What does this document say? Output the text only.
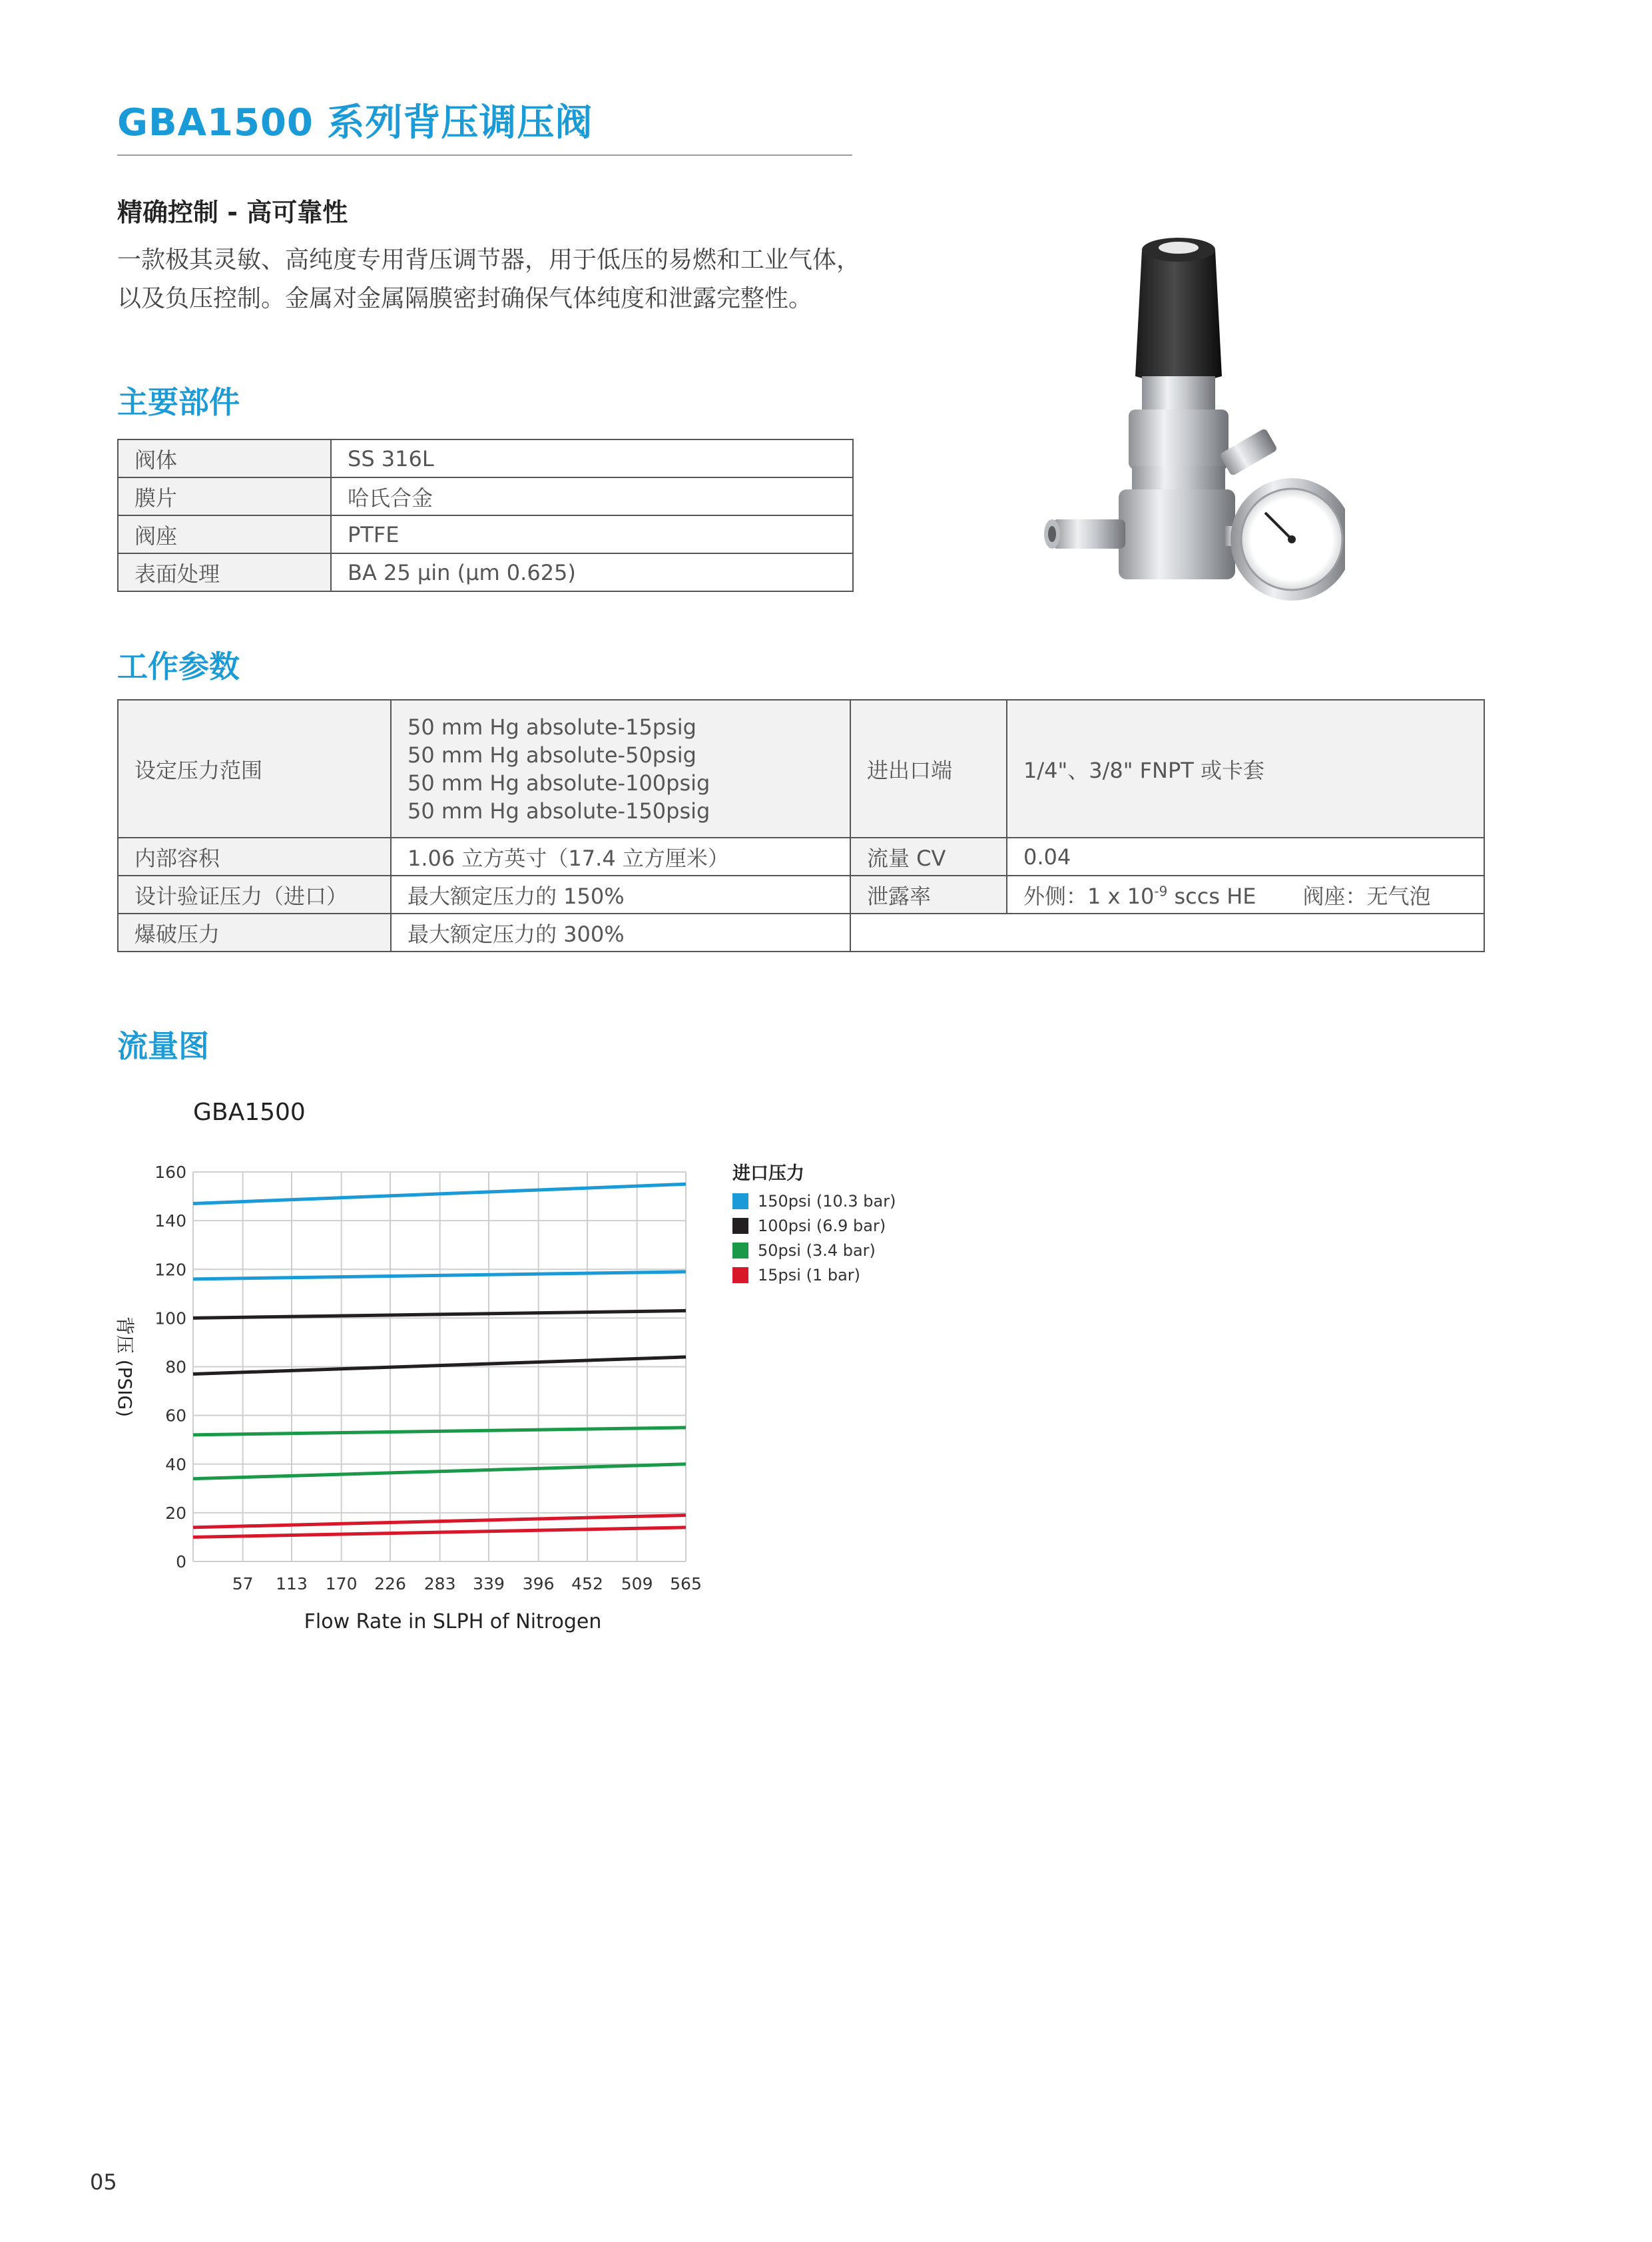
GBA1500 系列背压调压阀
精确控制 - 高可靠性
一款极其灵敏、高纯度专用背压调节器，用于低压的易燃和工业气体，以及负压控制。金属对金属隔膜密封确保气体纯度和泄露完整性。
主要部件
阀体	SS 316L
膜片	哈氏合金
阀座	PTFE
表面处理	BA 25 µin (µm 0.625)
工作参数
设定压力范围	50 mm Hg absolute-15psig
50 mm Hg absolute-50psig
50 mm Hg absolute-100psig
50 mm Hg absolute-150psig	进出口端	1/4"、3/8" FNPT 或卡套
内部容积	1.06 立方英寸（17.4 立方厘米）	流量 CV	0.04
设计验证压力（进口）	最大额定压力的 150%	泄露率	外侧：1 x $10^{-9}$ sccs HE 阀座：无气泡
爆破压力	最大额定压力的 300%		
流量图
GBA1500
0
20
40
60
80
100
120
140
160
57 113 170 226 283 339 396 452 509 565
Flow Rate in SLPH of Nitrogen
背压 (PSIG)
进口压力
150psi (10.3 bar)
100psi (6.9 bar)
50psi (3.4 bar)
15psi (1 bar)
05
